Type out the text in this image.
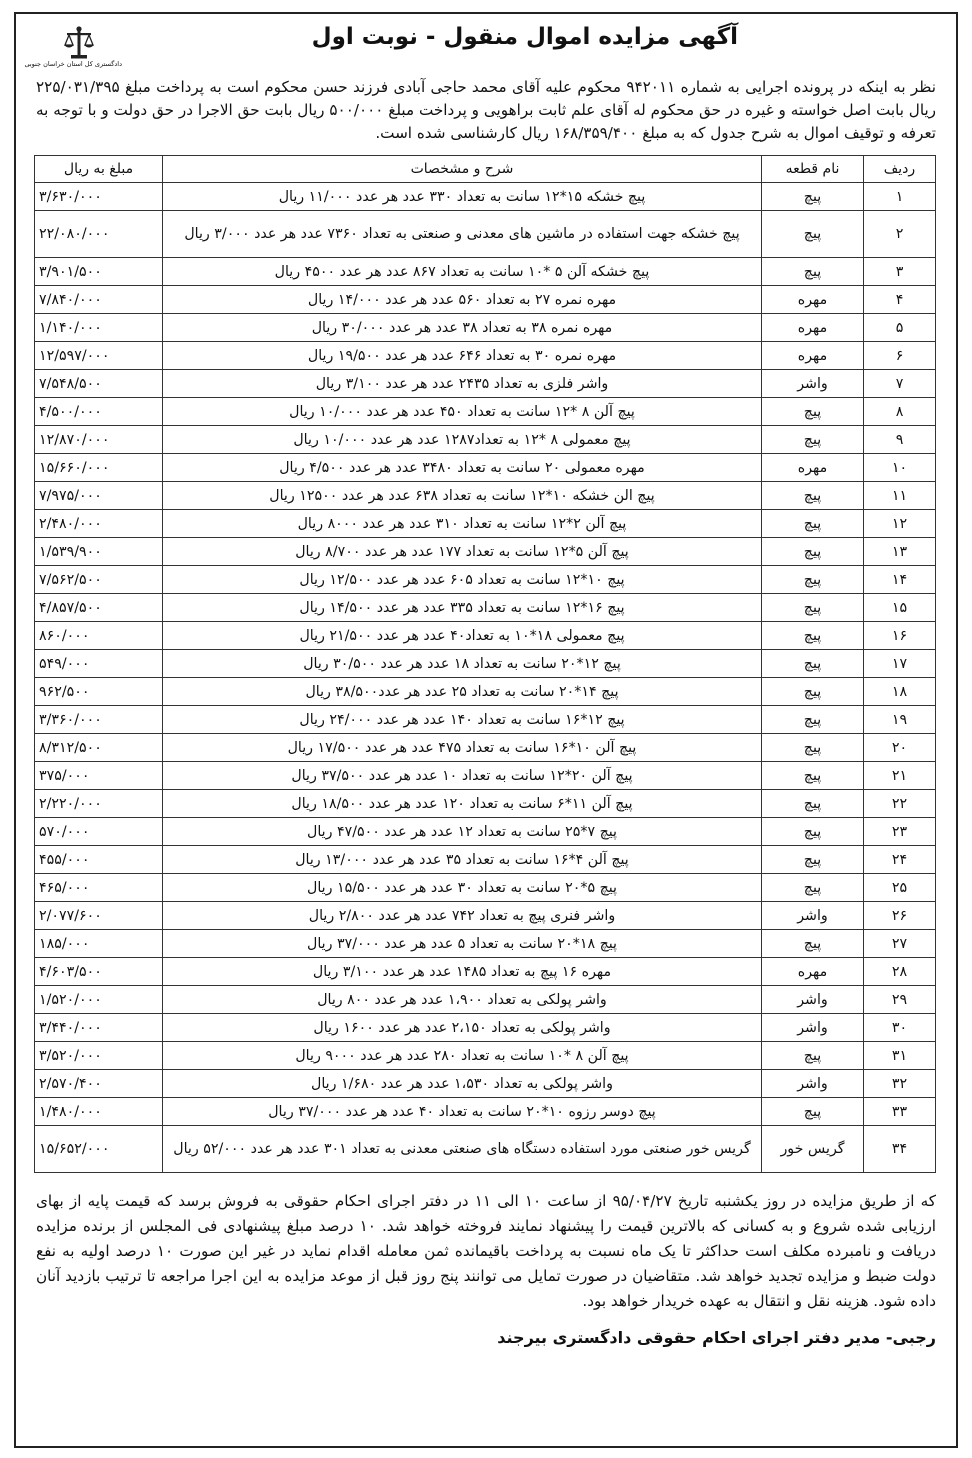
آگهی مزایده اموال منقول - نوبت اول
دادگستری کل استان خراسان جنوبی

نظر به اینکه در پرونده اجرایی به شماره ۹۴۲۰۱۱ محکوم علیه آقای محمد حاجی آبادی فرزند حسن محکوم است به پرداخت مبلغ ۲۲۵/۰۳۱/۳۹۵ ریال بابت اصل خواسته و غیره در حق محکوم له آقای علم ثابت براهویی و پرداخت مبلغ ۵۰۰/۰۰۰ ریال بابت حق الاجرا در حق دولت و با توجه به تعرفه و توقیف اموال به شرح جدول که به مبلغ ۱۶۸/۳۵۹/۴۰۰ ریال کارشناسی شده است.

ردیف	نام قطعه	شرح و مشخصات	مبلغ به ریال
۱	پیچ	پیچ خشکه ۱۵*۱۲ سانت به تعداد ۳۳۰ عدد هر عدد ۱۱/۰۰۰ ریال	۳/۶۳۰/۰۰۰
۲	پیچ	پیچ خشکه جهت استفاده در ماشین های معدنی و صنعتی به تعداد ۷۳۶۰ عدد هر عدد ۳/۰۰۰ ریال	۲۲/۰۸۰/۰۰۰
۳	پیچ	پیچ خشکه آلن ۵ *۱۰ سانت به تعداد ۸۶۷ عدد هر عدد ۴۵۰۰ ریال	۳/۹۰۱/۵۰۰
۴	مهره	مهره نمره ۲۷ به تعداد ۵۶۰ عدد هر عدد ۱۴/۰۰۰ ریال	۷/۸۴۰/۰۰۰
۵	مهره	مهره نمره ۳۸ به تعداد ۳۸ عدد هر عدد ۳۰/۰۰۰ ریال	۱/۱۴۰/۰۰۰
۶	مهره	مهره نمره ۳۰ به تعداد ۶۴۶ عدد هر عدد ۱۹/۵۰۰ ریال	۱۲/۵۹۷/۰۰۰
۷	واشر	واشر فلزی به تعداد ۲۴۳۵ عدد هر عدد ۳/۱۰۰ ریال	۷/۵۴۸/۵۰۰
۸	پیچ	پیچ آلن ۸ *۱۲ سانت به تعداد ۴۵۰ عدد هر عدد ۱۰/۰۰۰ ریال	۴/۵۰۰/۰۰۰
۹	پیچ	پیچ معمولی ۸ *۱۲ به تعداد۱۲۸۷ عدد هر عدد ۱۰/۰۰۰ ریال	۱۲/۸۷۰/۰۰۰
۱۰	مهره	مهره معمولی ۲۰ سانت به تعداد ۳۴۸۰ عدد هر عدد ۴/۵۰۰ ریال	۱۵/۶۶۰/۰۰۰
۱۱	پیچ	پیچ الن خشکه ۱۰*۱۲ سانت به تعداد ۶۳۸ عدد هر عدد ۱۲۵۰۰ ریال	۷/۹۷۵/۰۰۰
۱۲	پیچ	پیچ آلن ۲*۱۲ سانت به تعداد ۳۱۰ عدد هر عدد ۸۰۰۰ ریال	۲/۴۸۰/۰۰۰
۱۳	پیچ	پیچ آلن ۵*۱۲ سانت به تعداد ۱۷۷ عدد هر عدد ۸/۷۰۰ ریال	۱/۵۳۹/۹۰۰
۱۴	پیچ	پیچ ۱۰*۱۲ سانت به تعداد ۶۰۵ عدد هر عدد ۱۲/۵۰۰ ریال	۷/۵۶۲/۵۰۰
۱۵	پیچ	پیچ ۱۶*۱۲ سانت به تعداد ۳۳۵ عدد هر عدد ۱۴/۵۰۰ ریال	۴/۸۵۷/۵۰۰
۱۶	پیچ	پیچ معمولی ۱۸*۱۰ به تعداد۴۰ عدد هر عدد ۲۱/۵۰۰ ریال	۸۶۰/۰۰۰
۱۷	پیچ	پیچ ۱۲*۲۰ سانت به تعداد ۱۸ عدد هر عدد ۳۰/۵۰۰ ریال	۵۴۹/۰۰۰
۱۸	پیچ	پیچ ۱۴*۲۰ سانت به تعداد ۲۵ عدد هر عدد۳۸/۵۰۰ ریال	۹۶۲/۵۰۰
۱۹	پیچ	پیچ ۱۲*۱۶ سانت به تعداد ۱۴۰ عدد هر عدد ۲۴/۰۰۰ ریال	۳/۳۶۰/۰۰۰
۲۰	پیچ	پیچ آلن ۱۰*۱۶ سانت به تعداد ۴۷۵ عدد هر عدد ۱۷/۵۰۰ ریال	۸/۳۱۲/۵۰۰
۲۱	پیچ	پیچ آلن ۲۰*۱۲ سانت به تعداد ۱۰ عدد هر عدد ۳۷/۵۰۰ ریال	۳۷۵/۰۰۰
۲۲	پیچ	پیچ آلن ۱۱*۶ سانت به تعداد ۱۲۰ عدد هر عدد ۱۸/۵۰۰ ریال	۲/۲۲۰/۰۰۰
۲۳	پیچ	پیچ ۷*۲۵ سانت به تعداد ۱۲ عدد هر عدد ۴۷/۵۰۰ ریال	۵۷۰/۰۰۰
۲۴	پیچ	پیچ آلن ۴*۱۶ سانت به تعداد ۳۵ عدد هر عدد ۱۳/۰۰۰ ریال	۴۵۵/۰۰۰
۲۵	پیچ	پیچ ۵*۲۰ سانت به تعداد ۳۰ عدد هر عدد ۱۵/۵۰۰ ریال	۴۶۵/۰۰۰
۲۶	واشر	واشر فنری پیچ به تعداد ۷۴۲ عدد هر عدد ۲/۸۰۰ ریال	۲/۰۷۷/۶۰۰
۲۷	پیچ	پیچ ۱۸*۲۰ سانت به تعداد ۵ عدد هر عدد ۳۷/۰۰۰ ریال	۱۸۵/۰۰۰
۲۸	مهره	مهره ۱۶ پیچ به تعداد ۱۴۸۵ عدد هر عدد ۳/۱۰۰ ریال	۴/۶۰۳/۵۰۰
۲۹	واشر	واشر پولکی به تعداد ۱،۹۰۰ عدد هر عدد ۸۰۰ ریال	۱/۵۲۰/۰۰۰
۳۰	واشر	واشر پولکی به تعداد ۲،۱۵۰ عدد هر عدد ۱۶۰۰ ریال	۳/۴۴۰/۰۰۰
۳۱	پیچ	پیچ آلن ۸ *۱۰ سانت به تعداد ۲۸۰ عدد هر عدد ۹۰۰۰ ریال	۳/۵۲۰/۰۰۰
۳۲	واشر	واشر پولکی به تعداد ۱،۵۳۰ عدد هر عدد ۱/۶۸۰ ریال	۲/۵۷۰/۴۰۰
۳۳	پیچ	پیچ دوسر رزوه ۱۰*۲۰ سانت به تعداد ۴۰ عدد هر عدد ۳۷/۰۰۰ ریال	۱/۴۸۰/۰۰۰
۳۴	گریس خور	گریس خور صنعتی مورد استفاده دستگاه های صنعتی معدنی به تعداد ۳۰۱ عدد هر عدد ۵۲/۰۰۰ ریال	۱۵/۶۵۲/۰۰۰

که از طریق مزایده در روز یکشنبه تاریخ ۹۵/۰۴/۲۷ از ساعت ۱۰ الی ۱۱ در دفتر اجرای احکام حقوقی به فروش برسد که قیمت پایه از بهای ارزیابی شده شروع و به کسانی که بالاترین قیمت را پیشنهاد نمایند فروخته خواهد شد. ۱۰ درصد مبلغ پیشنهادی فی المجلس از برنده مزایده دریافت و نامبرده مکلف است حداکثر تا یک ماه نسبت به پرداخت باقیمانده ثمن معامله اقدام نماید در غیر این صورت ۱۰ درصد اولیه به نفع دولت ضبط و مزایده تجدید خواهد شد. متقاضیان در صورت تمایل می توانند پنج روز قبل از موعد مزایده به این اجرا مراجعه تا ترتیب بازدید آنان داده شود. هزینه نقل و انتقال به عهده خریدار خواهد بود.

رجبی- مدیر دفتر اجرای احکام حقوقی دادگستری بیرجند
